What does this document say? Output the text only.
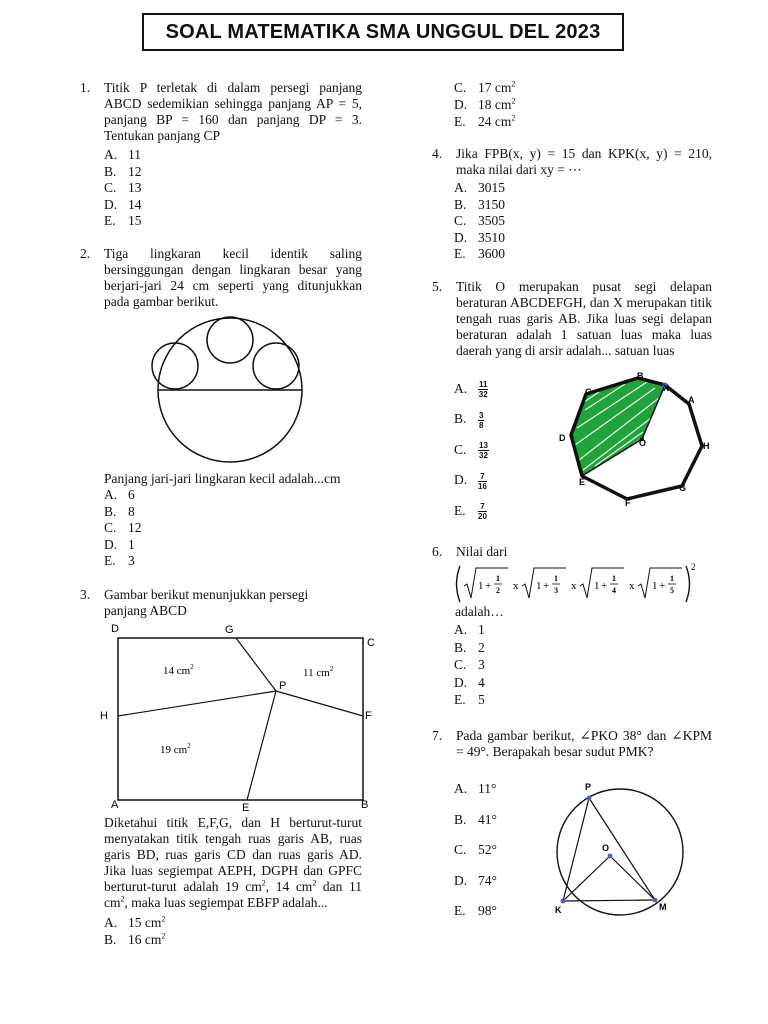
SOAL MATEMATIKA SMA UNGGUL DEL 2023
1. Titik P terletak di dalam persegi panjang ABCD sedemikian sehingga panjang AP = 5, panjang BP = 160 dan panjang DP = 3. Tentukan panjang CP
A. 11
B. 12
C. 13
D. 14
E. 15
2. Tiga lingkaran kecil identik saling bersinggungan dengan lingkaran besar yang berjari-jari 24 cm seperti yang ditunjukkan pada gambar berikut.
Panjang jari-jari lingkaran kecil adalah...cm
A. 6
B. 8
C. 12
D. 1
E. 3
3. Gambar berikut menunjukkan persegi panjang ABCD
D	G
C
H	F
A	E	B
P
14 $cm^2$	11 $cm^2$
19 $cm^2$
Diketahui titik E,F,G, dan H berturut-turut menyatakan titik tengah ruas garis AB, ruas garis BD, ruas garis CD dan ruas garis AD. Jika luas segiempat AEPH, DGPH dan GPFC berturut-turut adalah 19 $cm^2$, 14 $cm^2$ dan 11 $cm^2$, maka luas segiempat EBFP adalah...
A. 15 $cm^2$
B. 16 $cm^2$
C. 17 $cm^2$
D. 18 $cm^2$
E. 24 $cm^2$
4. Jika FPB(x, y) = 15 dan KPK(x, y) = 210, maka nilai dari xy = ⋯
A. 3015
B. 3150
C. 3505
D. 3510
E. 3600
5. Titik O merupakan pusat segi delapan beraturan ABCDEFGH, dan X merupakan titik tengah ruas garis AB. Jika luas segi delapan beraturan adalah 1 satuan luas maka luas daerah yang di arsir adalah... satuan luas
A. $\frac{11}{32}$
B. $\frac{3}{8}$
C. $\frac{13}{32}$
D. $\frac{7}{16}$
E. $\frac{7}{20}$
B
X
A
C
H
D	O
E
G
F
6. Nilai dari
2
1 +
1
2 x 1 +
1
3 x 1 +
1
4 x 1 +
1
5
adalah…
A. 1
B. 2
C. 3
D. 4
E. 5
7. Pada gambar berikut, ∠PKO 38° dan ∠KPM = 49°. Berapakah besar sudut PMK?
A. 11°
B. 41°
C. 52°
D. 74°
E. 98°
P
O
K	M
